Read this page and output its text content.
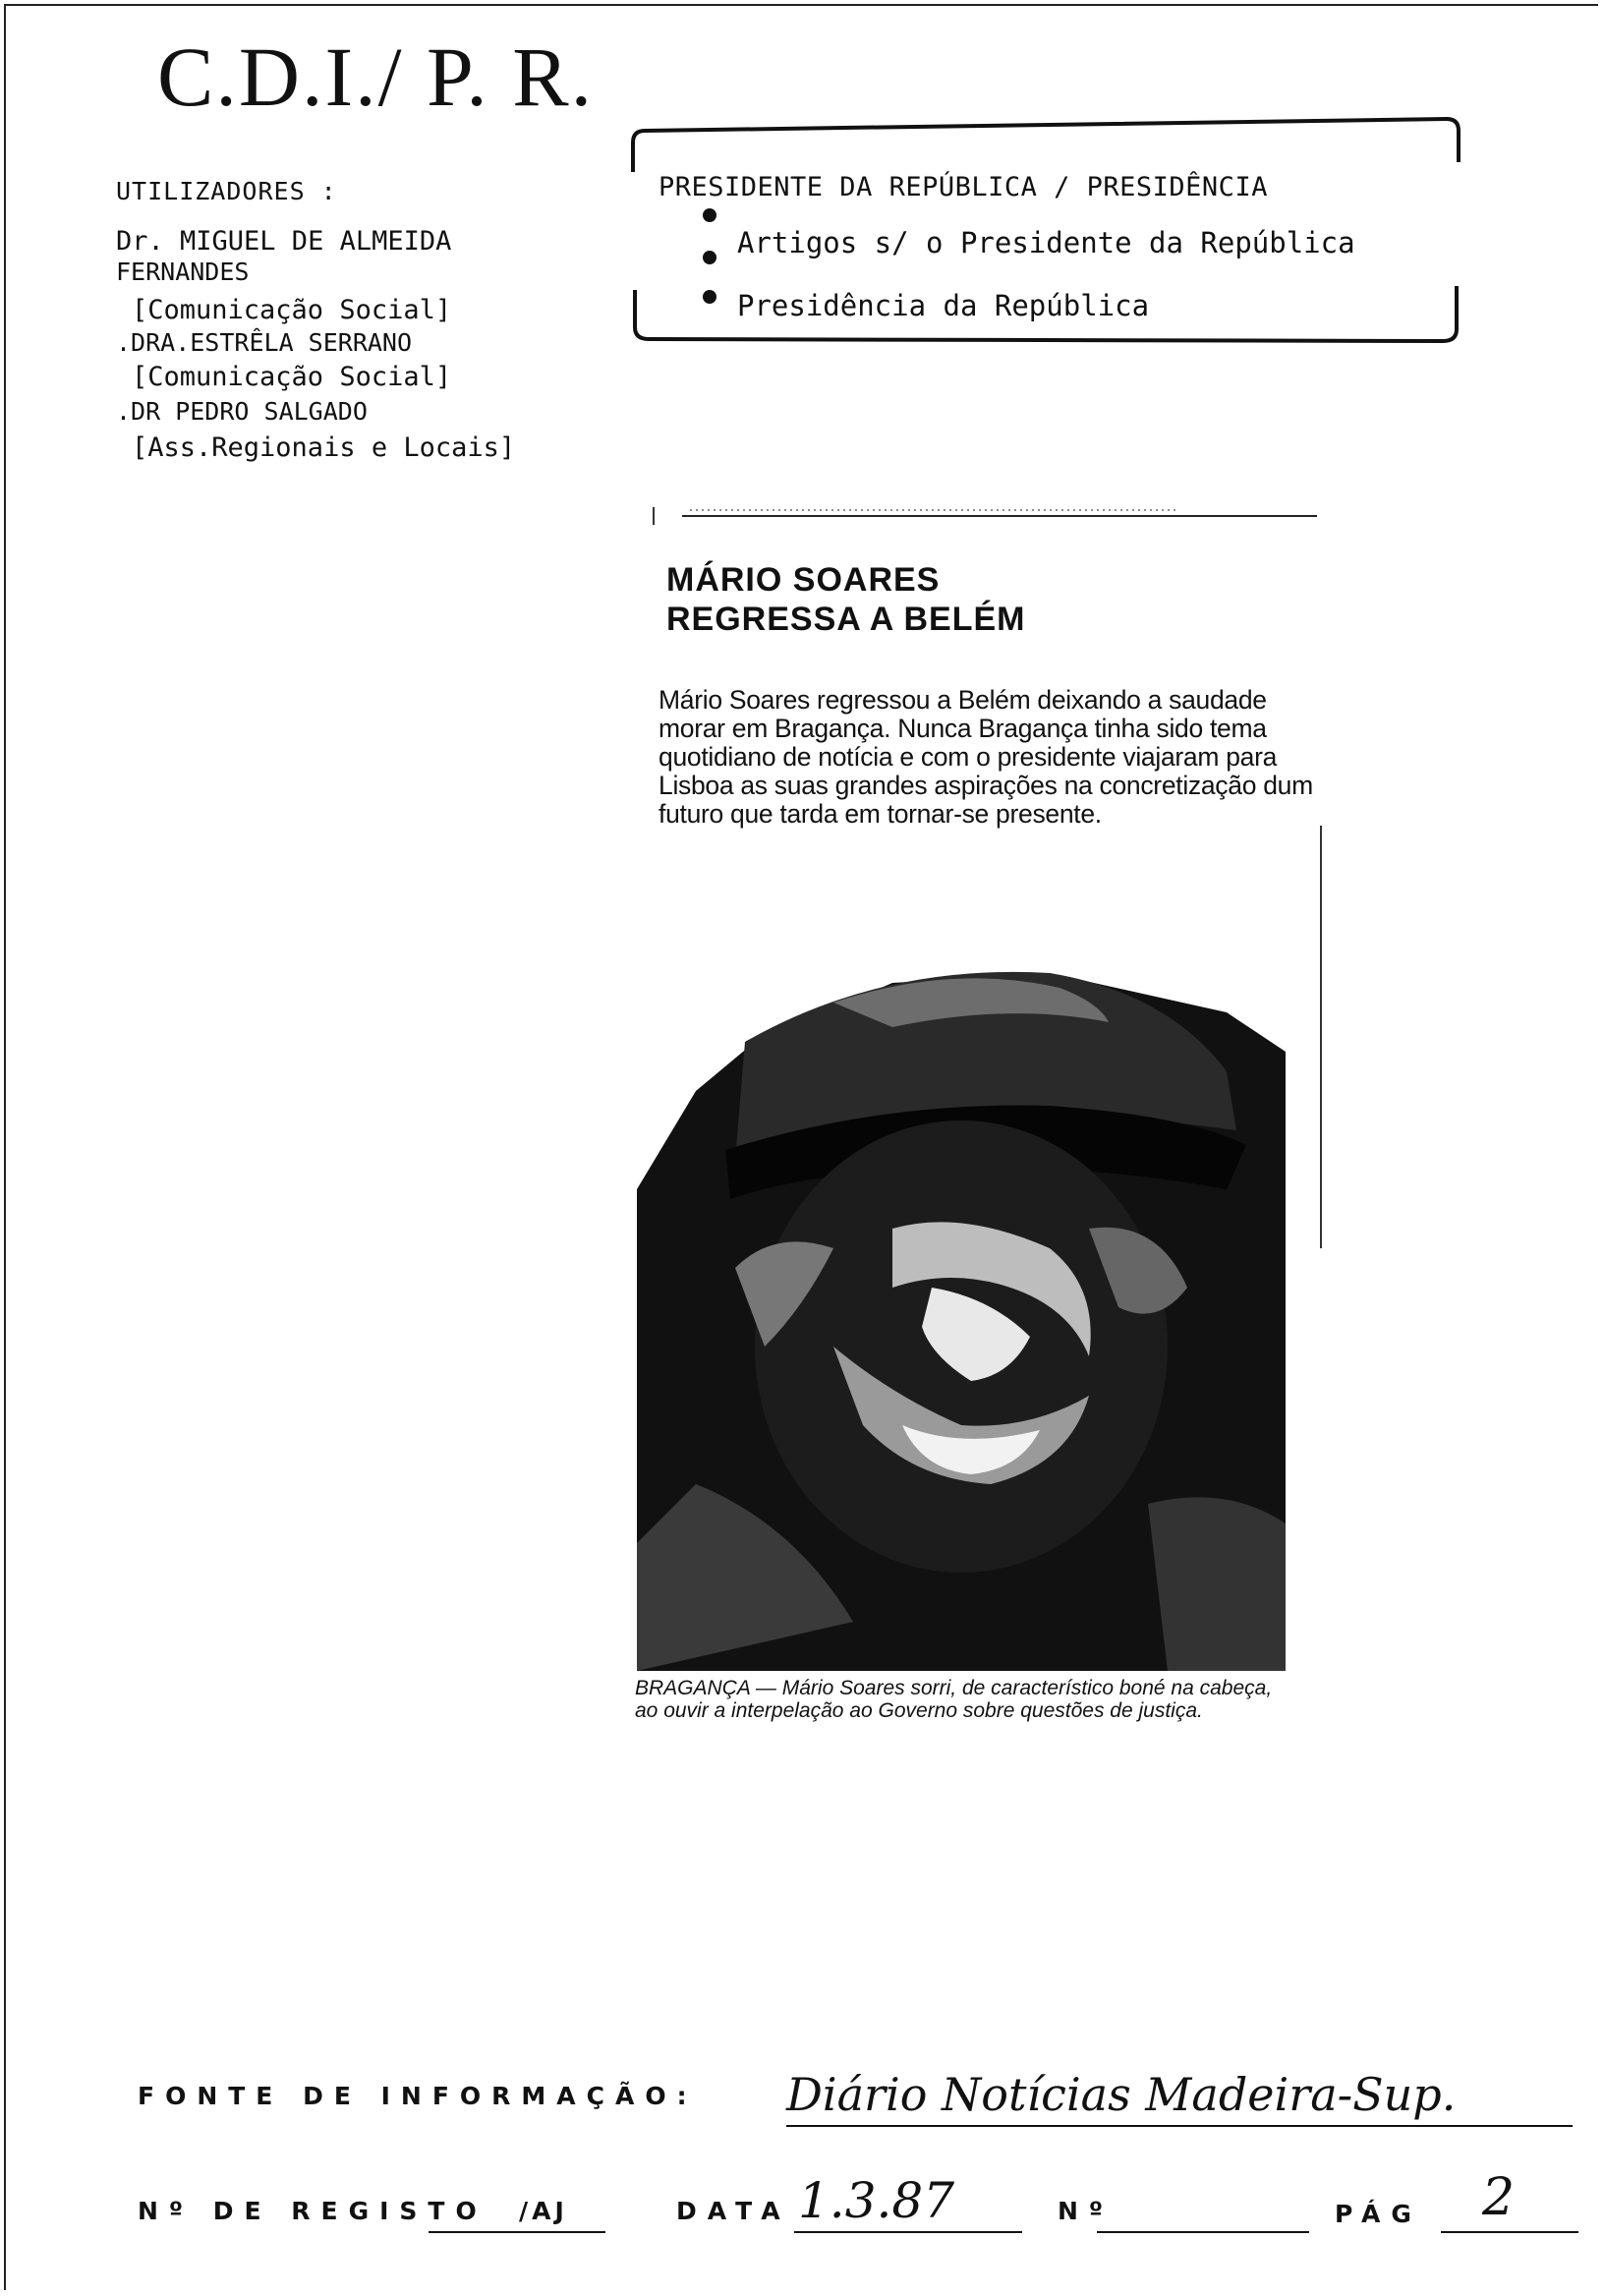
C.D.I./ P. R.
UTILIZADORES :
Dr. MIGUEL DE ALMEIDA
FERNANDES
[Comunicação Social]
.DRA.ESTRÊLA SERRANO
[Comunicação Social]
.DR PEDRO SALGADO
[Ass.Regionais e Locais]
PRESIDENTE DA REPÚBLICA / PRESIDÊNCIA
Artigos s/ o Presidente da República
Presidência da República
MÁRIO SOARES
REGRESSA A BELÉM
Mário Soares regressou a Belém deixando a saudade morar em Bragança. Nunca Bragança tinha sido tema quotidiano de notícia e com o presidente viajaram para Lisboa as suas grandes aspirações na concretização dum futuro que tarda em tornar-se presente.
BRAGANÇA — Mário Soares sorri, de característico boné na cabeça, ao ouvir a interpelação ao Governo sobre questões de justiça.
FONTE DE INFORMAÇÃO: Diário Notícias Madeira-Sup.
Nº DE REGISTO /AJ	DATA 1.3.87	Nº	PÁG 2
